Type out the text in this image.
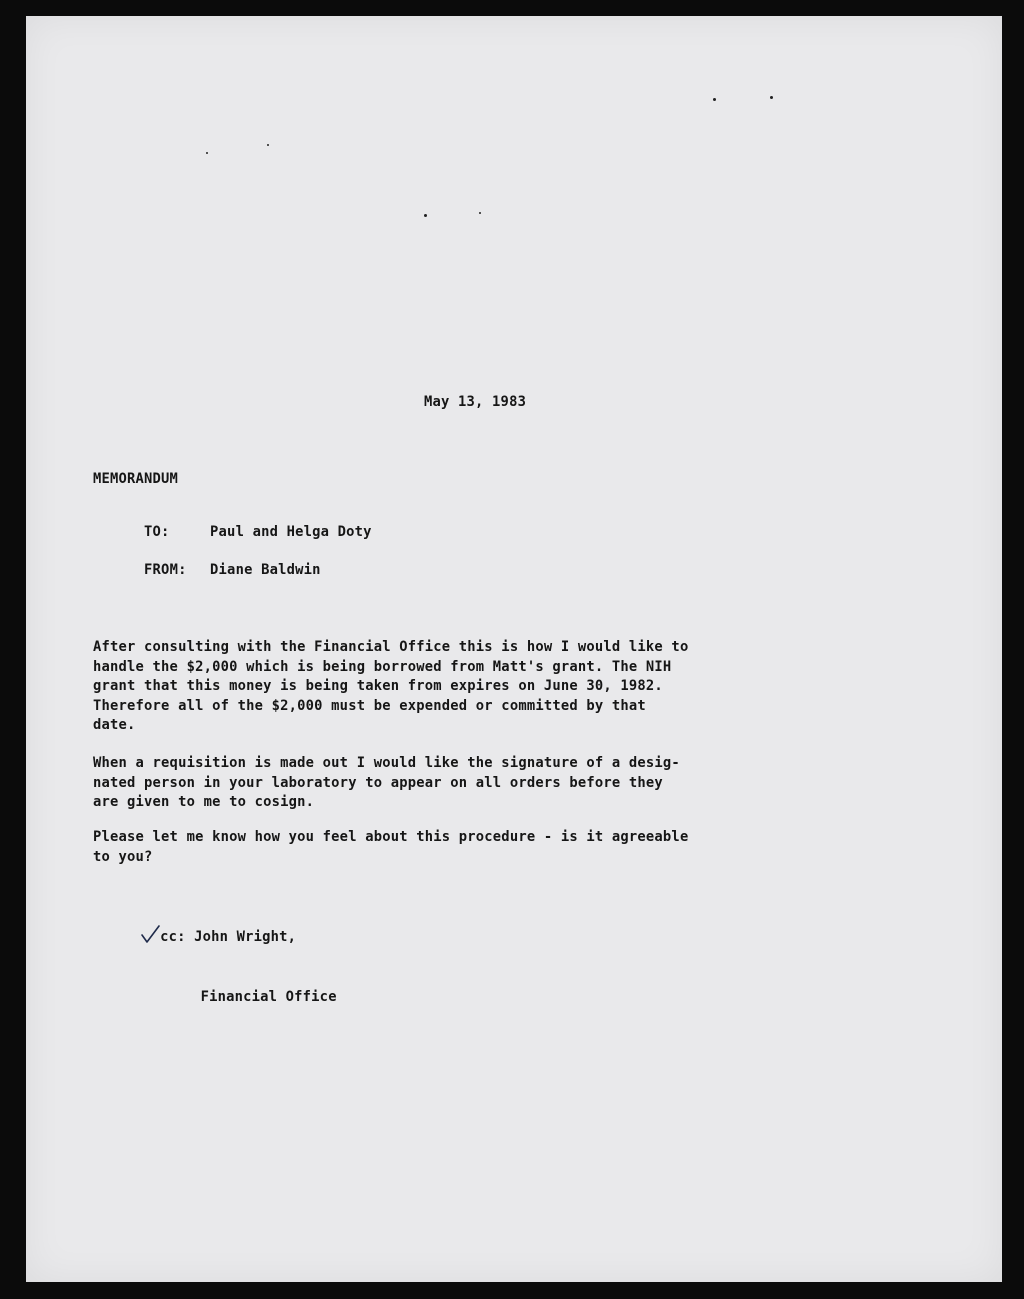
May 13, 1983
MEMORANDUM

TO:	Paul and Helga Doty

FROM: Diane Baldwin

After consulting with the Financial Office this is how I would like to
handle the $2,000 which is being borrowed from Matt's grant. The NIH
grant that this money is being taken from expires on June 30, 1982.
Therefore all of the $2,000 must be expended or committed by that
date.

When a requisition is made out I would like the signature of a desig-
nated person in your laboratory to appear on all orders before they
are given to me to cosign.

Please let me know how you feel about this procedure - is it agreeable
to you?

cc: John Wright,

Financial Office
